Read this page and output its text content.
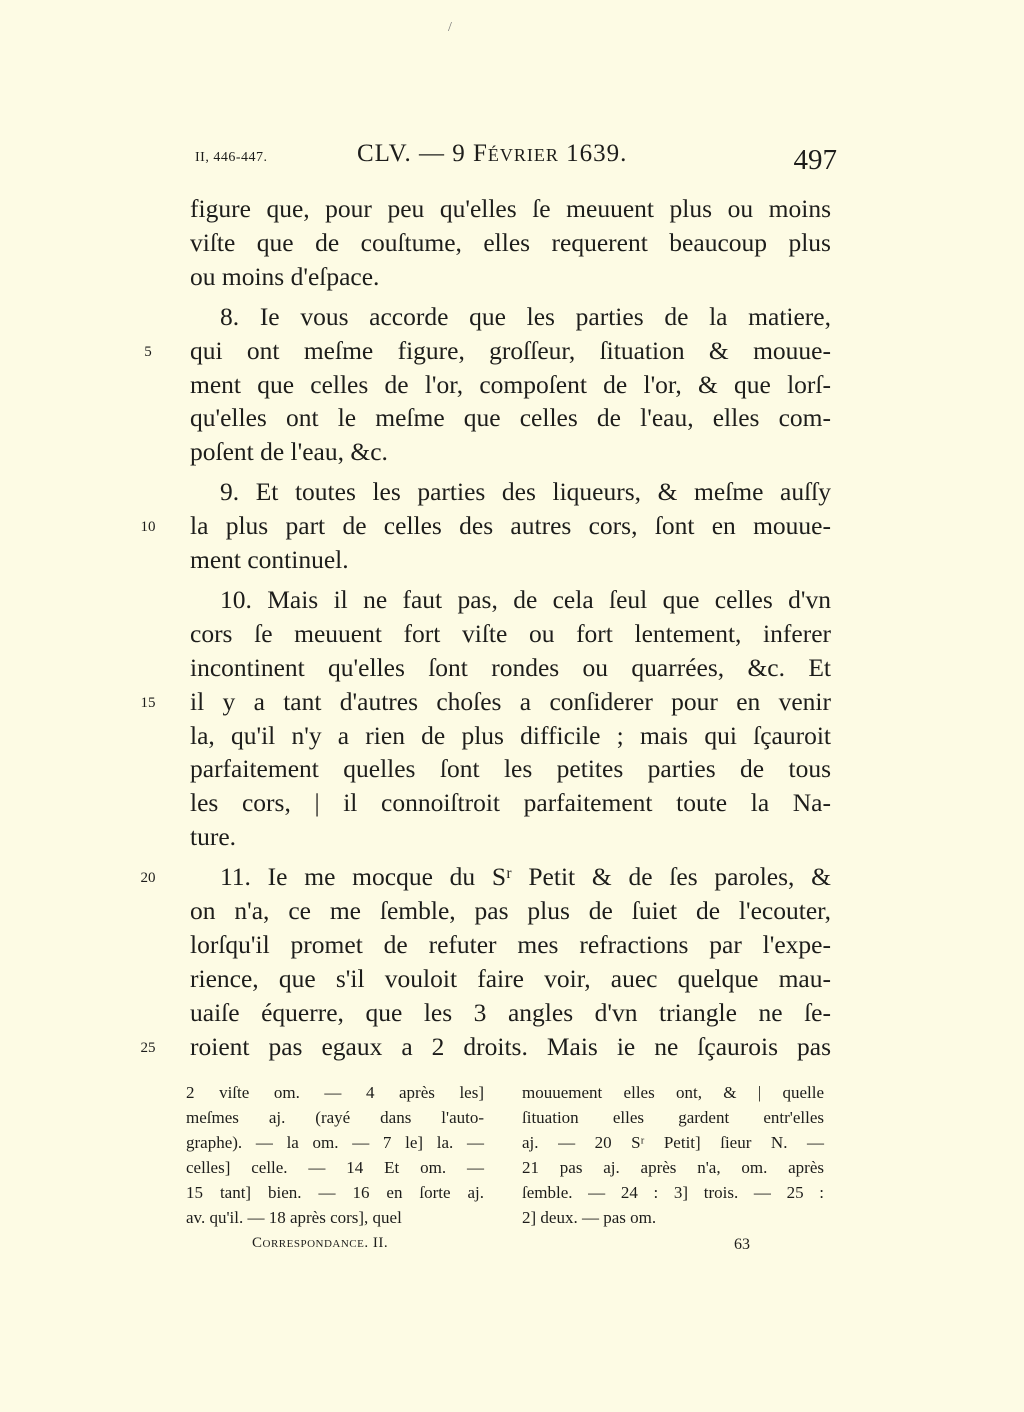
/
II, 446-447.	CLV. — 9 Février 1639.	497
figure que, pour peu qu'elles ſe meuuent plus ou moins
viſte que de couſtume, elles requerent beaucoup plus
ou moins d'eſpace.
8. Ie vous accorde que les parties de la matiere,
qui ont meſme figure, groſſeur, ſituation & mouue-
5
ment que celles de l'or, compoſent de l'or, & que lorſ-
qu'elles ont le meſme que celles de l'eau, elles com-
poſent de l'eau, &c.
9. Et toutes les parties des liqueurs, & meſme auſſy
la plus part de celles des autres cors, ſont en mouue-
10
ment continuel.
10. Mais il ne faut pas, de cela ſeul que celles d'vn
cors ſe meuuent fort viſte ou fort lentement, inferer
incontinent qu'elles ſont rondes ou quarrées, &c. Et
il y a tant d'autres choſes a conſiderer pour en venir
15
la, qu'il n'y a rien de plus difficile ; mais qui ſçauroit
parfaitement quelles ſont les petites parties de tous
les cors, | il connoiſtroit parfaitement toute la Na-
ture.
11. Ie me mocque du Sʳ Petit & de ſes paroles, &
20
on n'a, ce me ſemble, pas plus de ſuiet de l'ecouter,
lorſqu'il promet de refuter mes refractions par l'expe-
rience, que s'il vouloit faire voir, auec quelque mau-
uaiſe équerre, que les 3 angles d'vn triangle ne ſe-
roient pas egaux a 2 droits. Mais ie ne ſçaurois pas
25
2 viſte om. — 4 après les]
meſmes aj. (rayé dans l'auto-
graphe). — la om. — 7 le] la. —
celles] celle. — 14 Et om. —
15 tant] bien. — 16 en ſorte aj.
av. qu'il. — 18 après cors], quel
mouuement elles ont, & | quelle
ſituation elles gardent entr'elles
aj. — 20 Sʳ Petit] ſieur N. —
21 pas aj. après n'a, om. après
ſemble. — 24 : 3] trois. — 25 :
2] deux. — pas om.
Correspondance. II.	63
